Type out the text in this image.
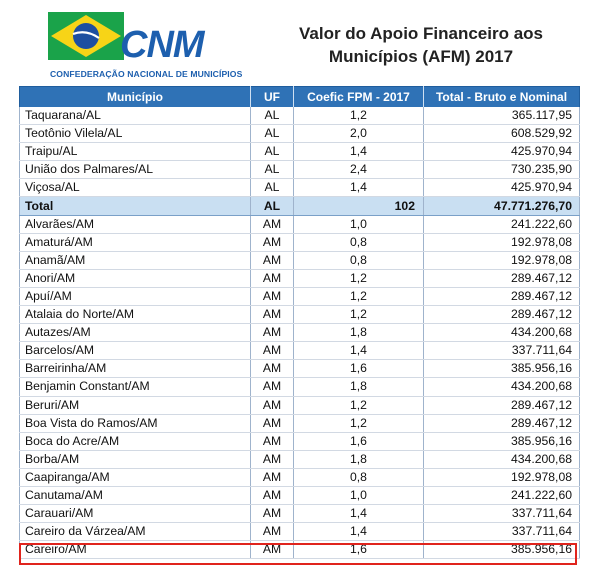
CNM
CONFEDERAÇÃO NACIONAL DE MUNICÍPIOS
Valor do Apoio Financeiro aos
Municípios (AFM) 2017
Município	UF	Coefic FPM - 2017	Total - Bruto e Nominal
Taquarana/AL	AL	1,2	365.117,95
Teotônio Vilela/AL	AL	2,0	608.529,92
Traipu/AL	AL	1,4	425.970,94
União dos Palmares/AL	AL	2,4	730.235,90
Viçosa/AL	AL	1,4	425.970,94
Total	AL	102	47.771.276,70
Alvarães/AM	AM	1,0	241.222,60
Amaturá/AM	AM	0,8	192.978,08
Anamã/AM	AM	0,8	192.978,08
Anori/AM	AM	1,2	289.467,12
Apuí/AM	AM	1,2	289.467,12
Atalaia do Norte/AM	AM	1,2	289.467,12
Autazes/AM	AM	1,8	434.200,68
Barcelos/AM	AM	1,4	337.711,64
Barreirinha/AM	AM	1,6	385.956,16
Benjamin Constant/AM	AM	1,8	434.200,68
Beruri/AM	AM	1,2	289.467,12
Boa Vista do Ramos/AM	AM	1,2	289.467,12
Boca do Acre/AM	AM	1,6	385.956,16
Borba/AM	AM	1,8	434.200,68
Caapiranga/AM	AM	0,8	192.978,08
Canutama/AM	AM	1,0	241.222,60
Carauari/AM	AM	1,4	337.711,64
Careiro da Várzea/AM	AM	1,4	337.711,64
Careiro/AM	AM	1,6	385.956,16
